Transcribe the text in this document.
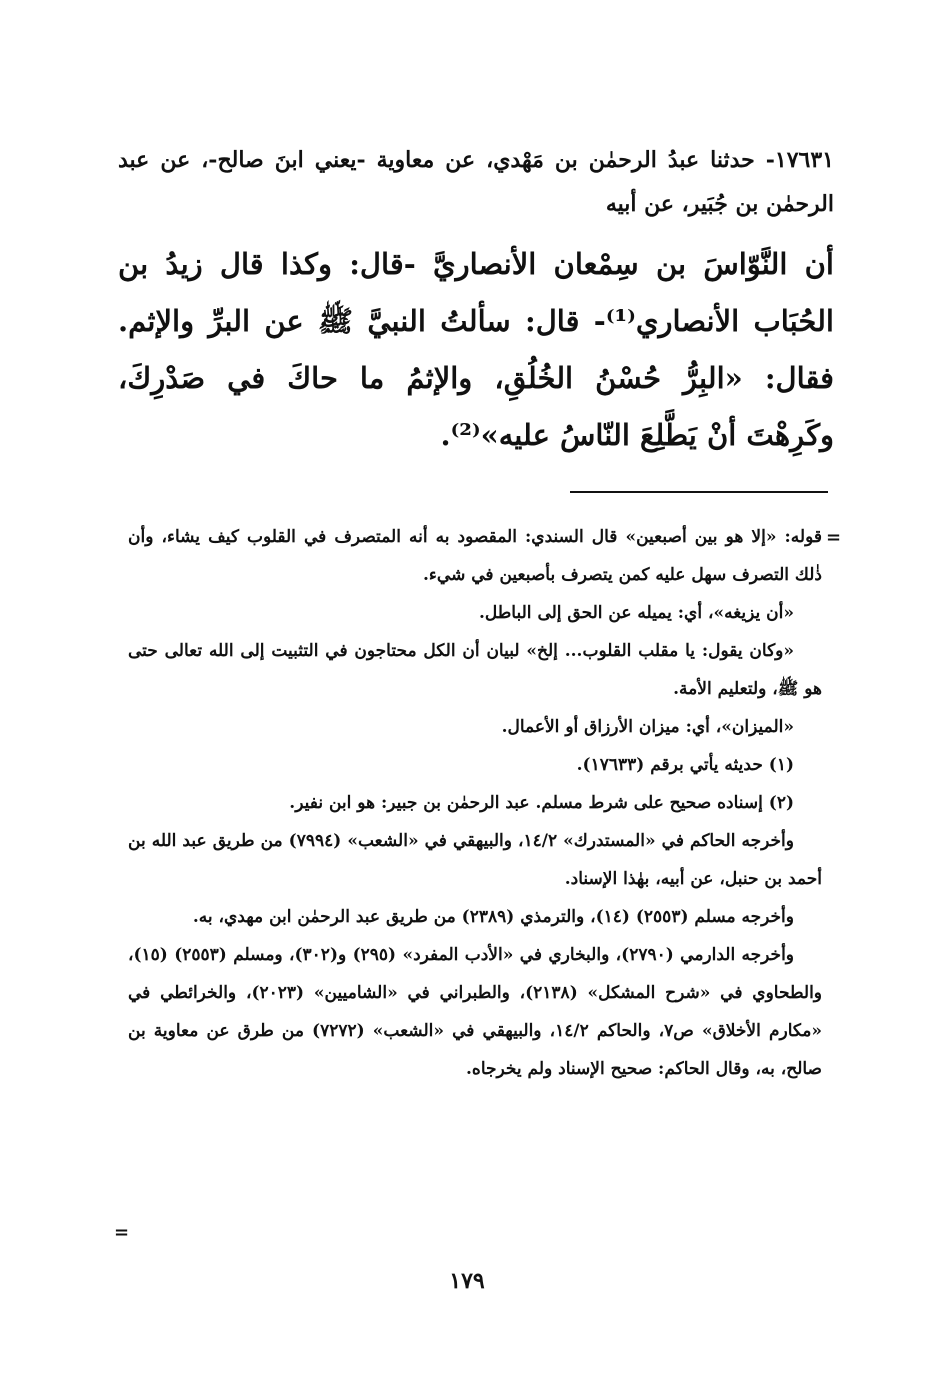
١٧٦٣١- حدثنا عبدُ الرحمٰن بن مَهْدي، عن معاوية -يعني ابنَ صالح-، عن عبد الرحمٰن بن جُبَير، عن أبيه

أن النَّوّاسَ بن سِمْعان الأنصاريَّ -قال: وكذا قال زيدُ بن الحُبَاب الأنصاري⁽¹⁾- قال: سألتُ النبيَّ ﷺ عن البرِّ والإثم. فقال: «البِرُّ حُسْنُ الخُلُقِ، والإثمُ ما حاكَ في صَدْرِكَ، وكَرِهْتَ أنْ يَطَّلِعَ النّاسُ عليه»⁽²⁾.

=

قوله: «إلا هو بين أصبعين» قال السندي: المقصود به أنه المتصرف في القلوب كيف يشاء، وأن ذٰلك التصرف سهل عليه كمن يتصرف بأصبعين في شيء.

«أن يزيغه»، أي: يميله عن الحق إلى الباطل.

«وكان يقول: يا مقلب القلوب... إلخ» لبيان أن الكل محتاجون في التثبيت إلى الله تعالى حتى هو ﷺ، ولتعليم الأمة.

«الميزان»، أي: ميزان الأرزاق أو الأعمال.

(١) حديثه يأتي برقم (١٧٦٣٣).

(٢) إسناده صحيح على شرط مسلم. عبد الرحمٰن بن جبير: هو ابن نفير.

وأخرجه الحاكم في «المستدرك» ١٤/٢، والبيهقي في «الشعب» (٧٩٩٤) من طريق عبد الله بن أحمد بن حنبل، عن أبيه، بهٰذا الإسناد.

وأخرجه مسلم (٢٥٥٣) (١٤)، والترمذي (٢٣٨٩) من طريق عبد الرحمٰن ابن مهدي، به.

وأخرجه الدارمي (٢٧٩٠)، والبخاري في «الأدب المفرد» (٢٩٥) و(٣٠٢)، ومسلم (٢٥٥٣) (١٥)، والطحاوي في «شرح المشكل» (٢١٣٨)، والطبراني في «الشاميين» (٢٠٢٣)، والخرائطي في «مكارم الأخلاق» ص٧، والحاكم ١٤/٢، والبيهقي في «الشعب» (٧٢٧٢) من طرق عن معاوية بن صالح، به، وقال الحاكم: صحيح الإسناد ولم يخرجاه.

=
١٧٩
